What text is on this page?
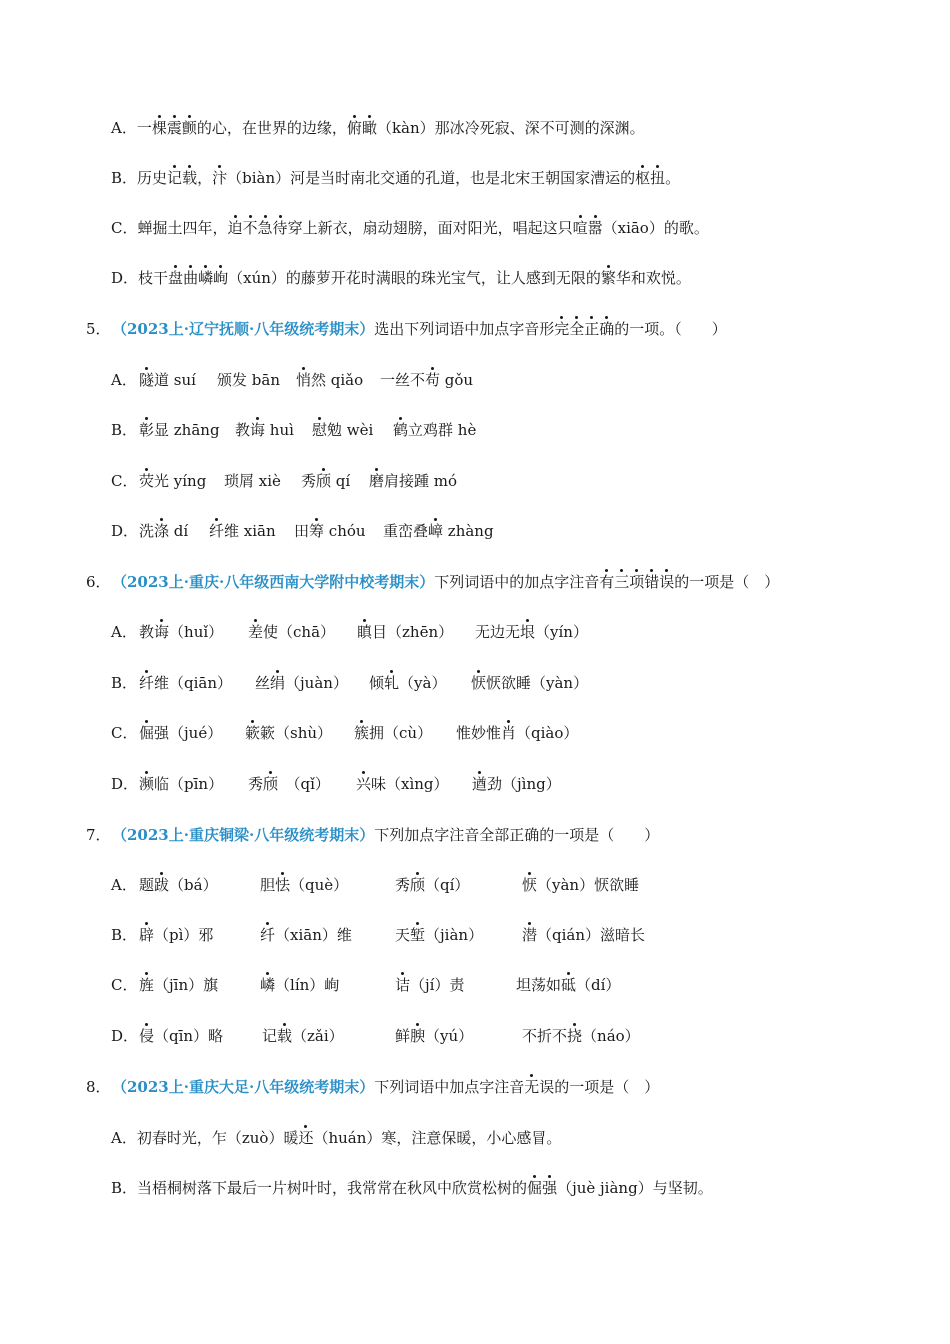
A．一棵震颤的心，在世界的边缘，俯瞰（kàn）那冰冷死寂、深不可测的深渊。
B．历史记载，汴（biàn）河是当时南北交通的孔道，也是北宋王朝国家漕运的枢扭。
C．蝉掘土四年，迫不急待穿上新衣，扇动翅膀，面对阳光，唱起这只喧嚣（xiāo）的歌。
D．枝干盘曲嶙峋（xún）的藤萝开花时满眼的珠光宝气，让人感到无限的繁华和欢悦。
5．（2023上·辽宁抚顺·八年级统考期末）选出下列词语中加点字音形完全正确的一项。（　　）
A． 隧道 suí 颁发 bān 悄然 qiǎo 一丝不苟 gǒu
B． 彰显 zhāng 教诲 huì 慰勉 wèi 鹤立鸡群 hè
C． 荧光 yíng 琐屑 xiè 秀颀 qí 磨肩接踵 mó
D．洗涤 dí 纤维 xiān 田筹 chóu 重峦叠嶂 zhàng
6．（2023上·重庆·八年级西南大学附中校考期末）下列词语中的加点字注音有三项错误的一项是（　）
A． 教诲（huǐ） 差使（chā） 瞋目（zhēn） 无边无垠（yín）
B． 纤维（qiān） 丝绢（juàn） 倾轧（yà） 恹恹欲睡（yàn）
C． 倔强（jué） 簌簌（shù） 簇拥（cù） 惟妙惟肖（qiào）
D．濒临（pīn） 秀颀　（qǐ） 兴味（xìng） 遒劲（jìng）
7．（2023上·重庆铜梁·八年级统考期末）下列加点字注音全部正确的一项是（　　）
A． 题跋（bá）	胆怯（què）	秀颀（qí）	恹（yàn）恹欲睡
B． 辟（pì）邪	纤（xiān）维	天堑（jiàn）	潜（qián）滋暗长
C． 旌（jīn）旗	嶙（lín）峋	诘（jí）责	坦荡如砥（dí）
D．侵（qīn）略	记载（zǎi）	鲜腴（yú）	不折不挠（náo）
8．（2023上·重庆大足·八年级统考期末）下列词语中加点字注音无误的一项是（　）
A．初春时光，乍（zuò）暖还（huán）寒，注意保暖，小心感冒。
B．当梧桐树落下最后一片树叶时，我常常在秋风中欣赏松树的倔强（juè jiàng）与坚韧。
